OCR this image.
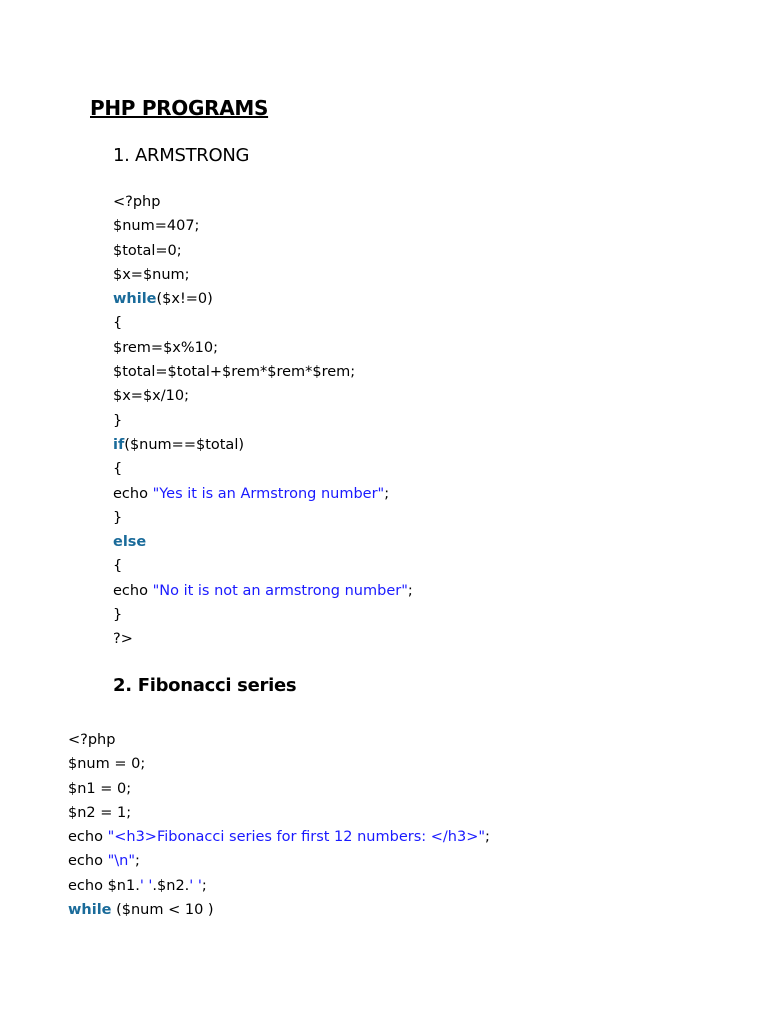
PHP PROGRAMS
1. ARMSTRONG
<?php
$num=407;
$total=0;
$x=$num;
while($x!=0)
{
$rem=$x%10;
$total=$total+$rem*$rem*$rem;
$x=$x/10;
}
if($num==$total)
{
echo "Yes it is an Armstrong number";
}
else
{
echo "No it is not an armstrong number";
}
?>
2. Fibonacci series
<?php
$num = 0;
$n1 = 0;
$n2 = 1;
echo "<h3>Fibonacci series for first 12 numbers: </h3>";
echo "\n";
echo $n1.' '.$n2.' ';
while ($num < 10 )
